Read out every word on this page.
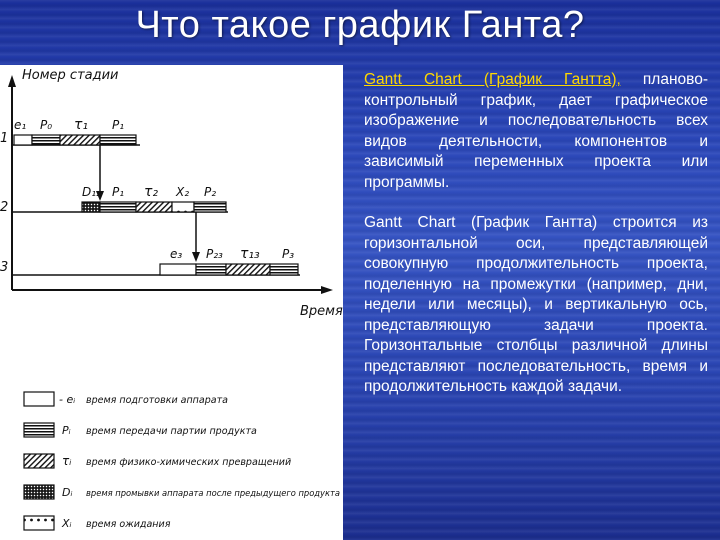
Что такое график Ганта?
Номер стадии
Время
1
2
3
e₁ P₀ τ₁ P₁
D₁₂ P₁ τ₂ X₂ P₂
e₃ P₂₃ τ₁₃ P₃
- eᵢ время подготовки аппарата
Pᵢ время передачи партии продукта
τᵢ время физико-химических превращений
Dᵢ время промывки аппарата после предыдущего продукта
Xᵢ время ожидания

Gantt Chart (График Гантта), планово-контрольный график, дает графическое изображение и последовательность всех видов деятельности, компонентов и зависимый переменных проекта или программы.

Gantt Chart (График Гантта) строится из горизонтальной оси, представляющей совокупную продолжительность проекта, поделенную на промежутки (например, дни, недели или месяцы), и вертикальную ось, представляющую задачи проекта. Горизонтальные столбцы различной длины представляют последовательность, время и продолжительность каждой задачи.
